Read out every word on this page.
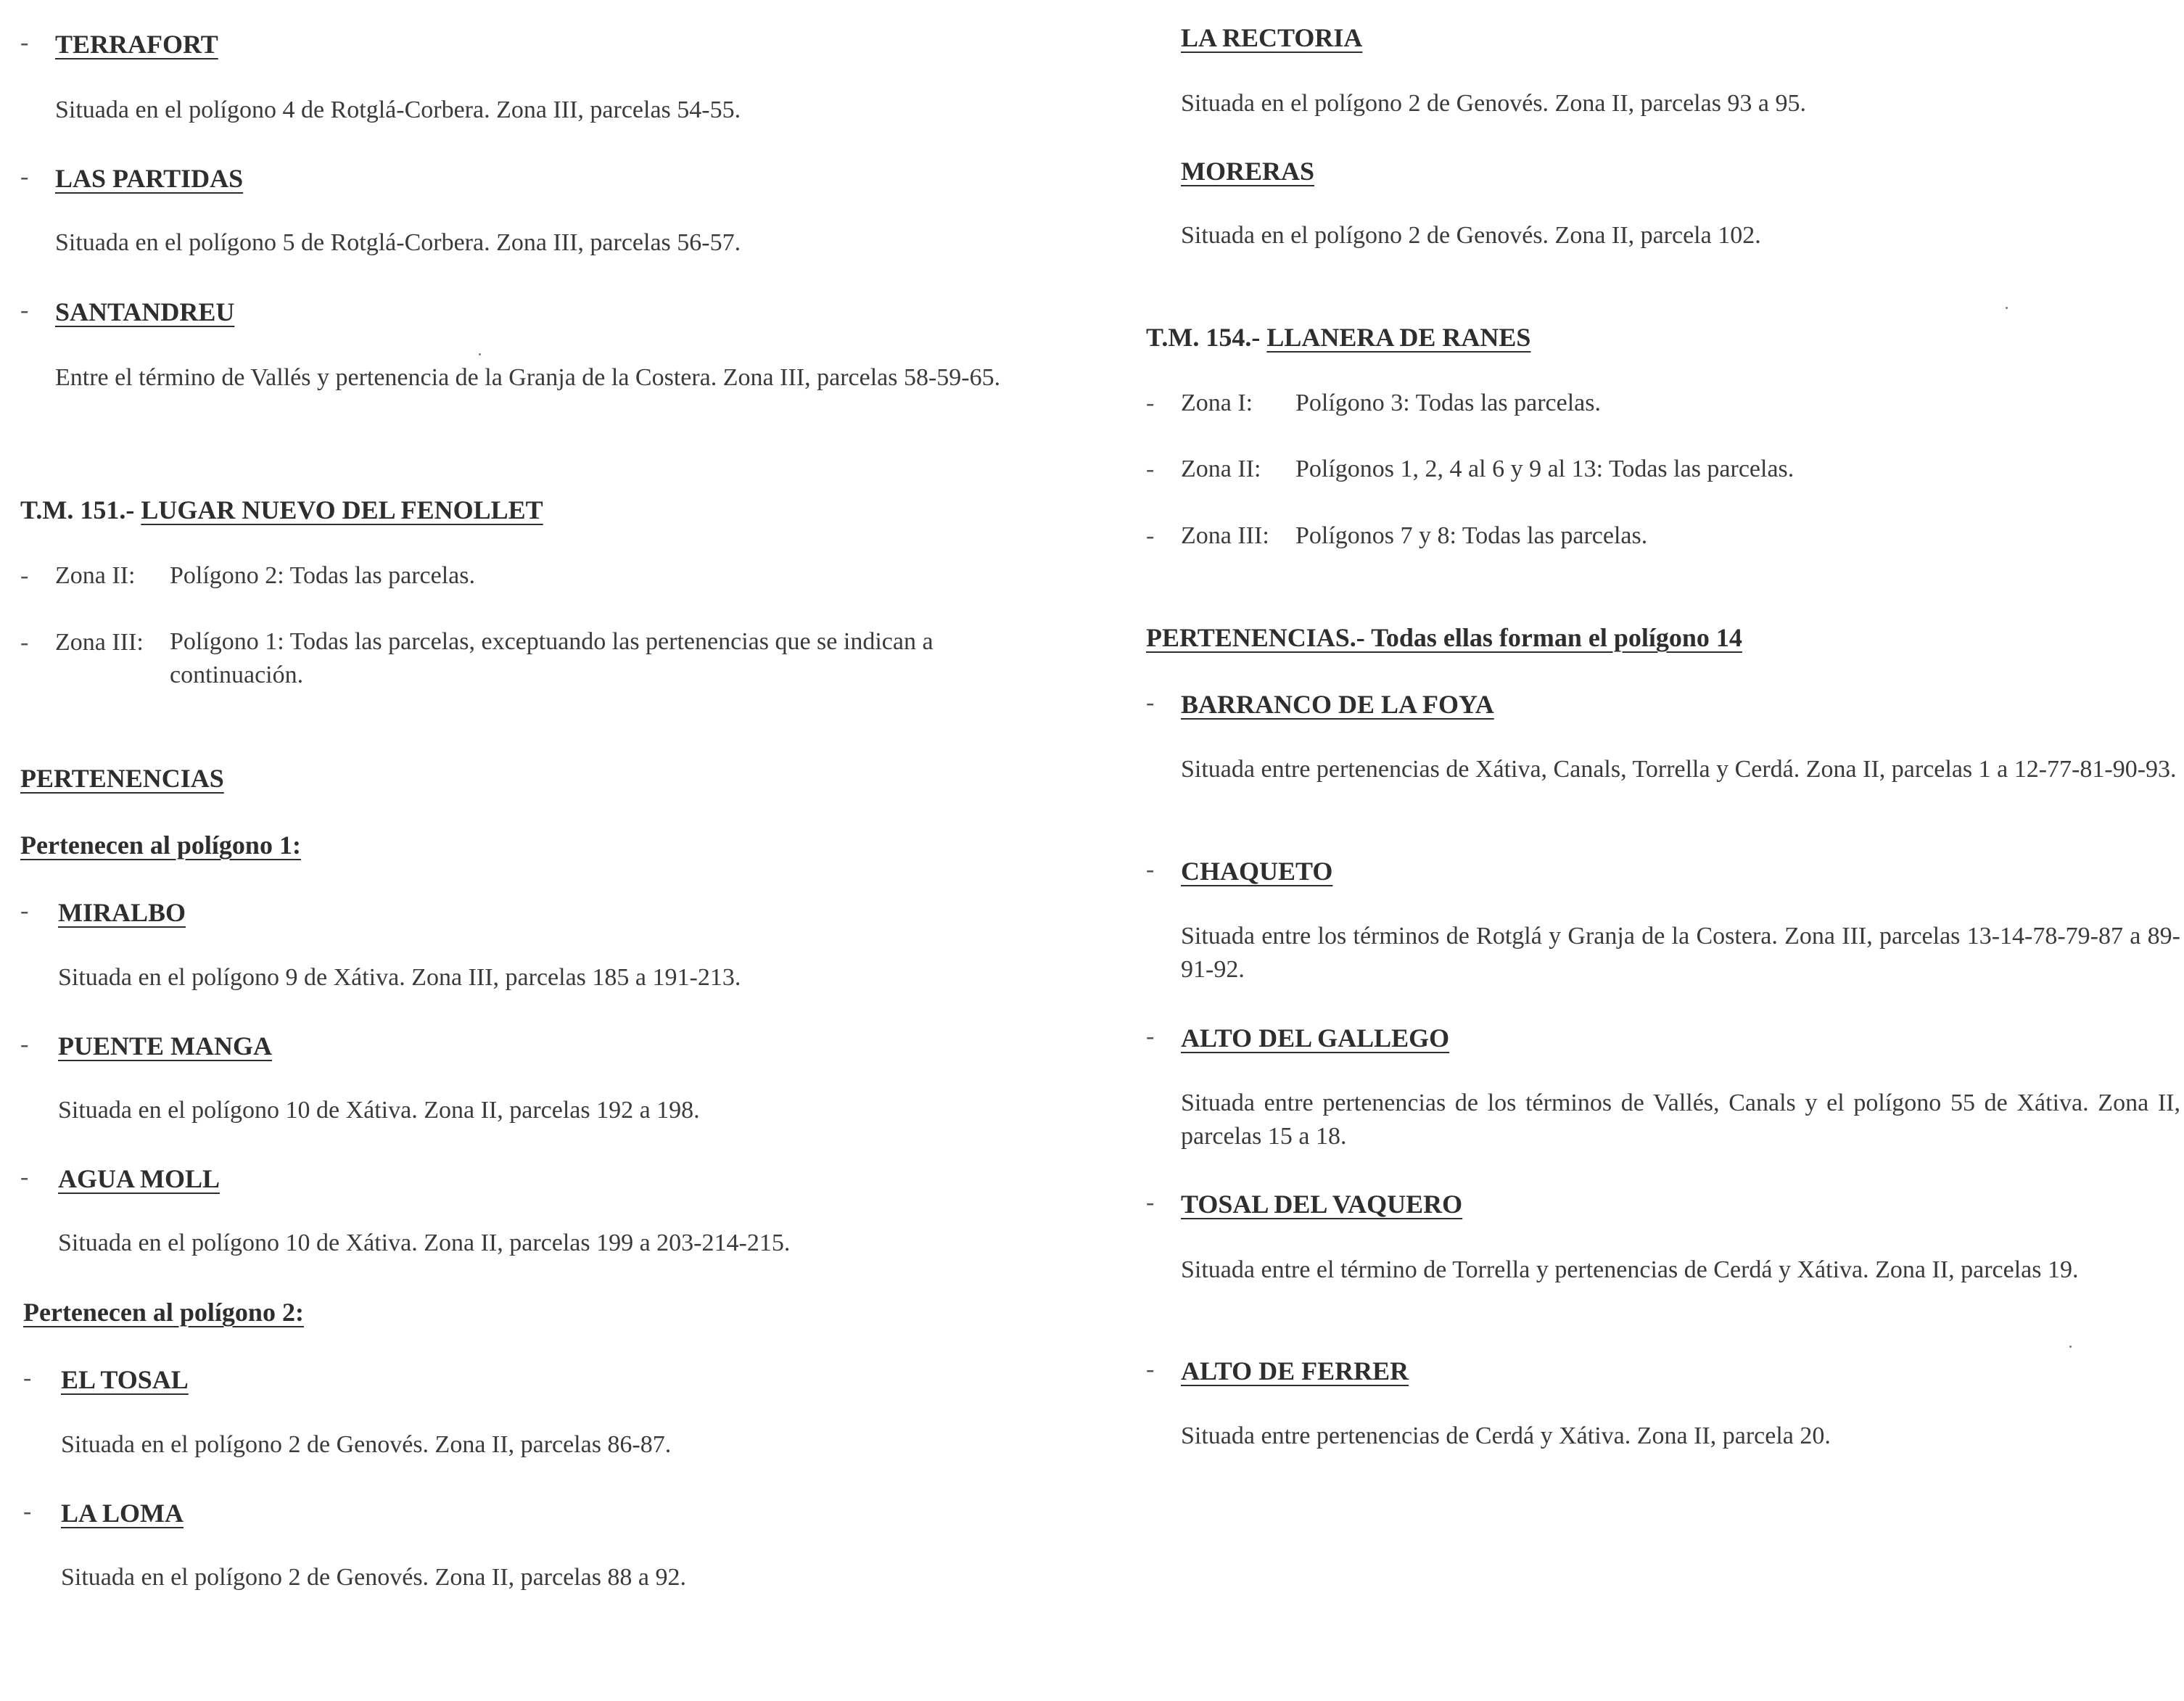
- TERRAFORT
Situada en el polígono 4 de Rotglá-Corbera. Zona III, parcelas 54-55.
- LAS PARTIDAS
Situada en el polígono 5 de Rotglá-Corbera. Zona III, parcelas 56-57.
- SANTANDREU
Entre el término de Vallés y pertenencia de la Granja de la Costera. Zona III, parcelas 58-59-65.
T.M. 151.- LUGAR NUEVO DEL FENOLLET
- Zona II: Polígono 2: Todas las parcelas.
- Zona III: Polígono 1: Todas las parcelas, exceptuando las pertenencias que se indican a continuación.
PERTENENCIAS
Pertenecen al polígono 1:
- MIRALBO
Situada en el polígono 9 de Xátiva. Zona III, parcelas 185 a 191-213.
- PUENTE MANGA
Situada en el polígono 10 de Xátiva. Zona II, parcelas 192 a 198.
- AGUA MOLL
Situada en el polígono 10 de Xátiva. Zona II, parcelas 199 a 203-214-215.
Pertenecen al polígono 2:
- EL TOSAL
Situada en el polígono 2 de Genovés. Zona II, parcelas 86-87.
- LA LOMA
Situada en el polígono 2 de Genovés. Zona II, parcelas 88 a 92.
LA RECTORIA
Situada en el polígono 2 de Genovés. Zona II, parcelas 93 a 95.
MORERAS
Situada en el polígono 2 de Genovés. Zona II, parcela 102.
T.M. 154.- LLANERA DE RANES
- Zona I: Polígono 3: Todas las parcelas.
- Zona II: Polígonos 1, 2, 4 al 6 y 9 al 13: Todas las parcelas.
- Zona III: Polígonos 7 y 8: Todas las parcelas.
PERTENENCIAS.- Todas ellas forman el polígono 14
- BARRANCO DE LA FOYA
Situada entre pertenencias de Xátiva, Canals, Torrella y Cerdá. Zona II, parcelas 1 a 12-77-81-90-93.
- CHAQUETO
Situada entre los términos de Rotglá y Granja de la Costera. Zona III, parcelas 13-14-78-79-87 a 89-91-92.
- ALTO DEL GALLEGO
Situada entre pertenencias de los términos de Vallés, Canals y el polígono 55 de Xátiva. Zona II, parcelas 15 a 18.
- TOSAL DEL VAQUERO
Situada entre el término de Torrella y pertenencias de Cerdá y Xátiva. Zona II, parcelas 19.
- ALTO DE FERRER
Situada entre pertenencias de Cerdá y Xátiva. Zona II, parcela 20.
